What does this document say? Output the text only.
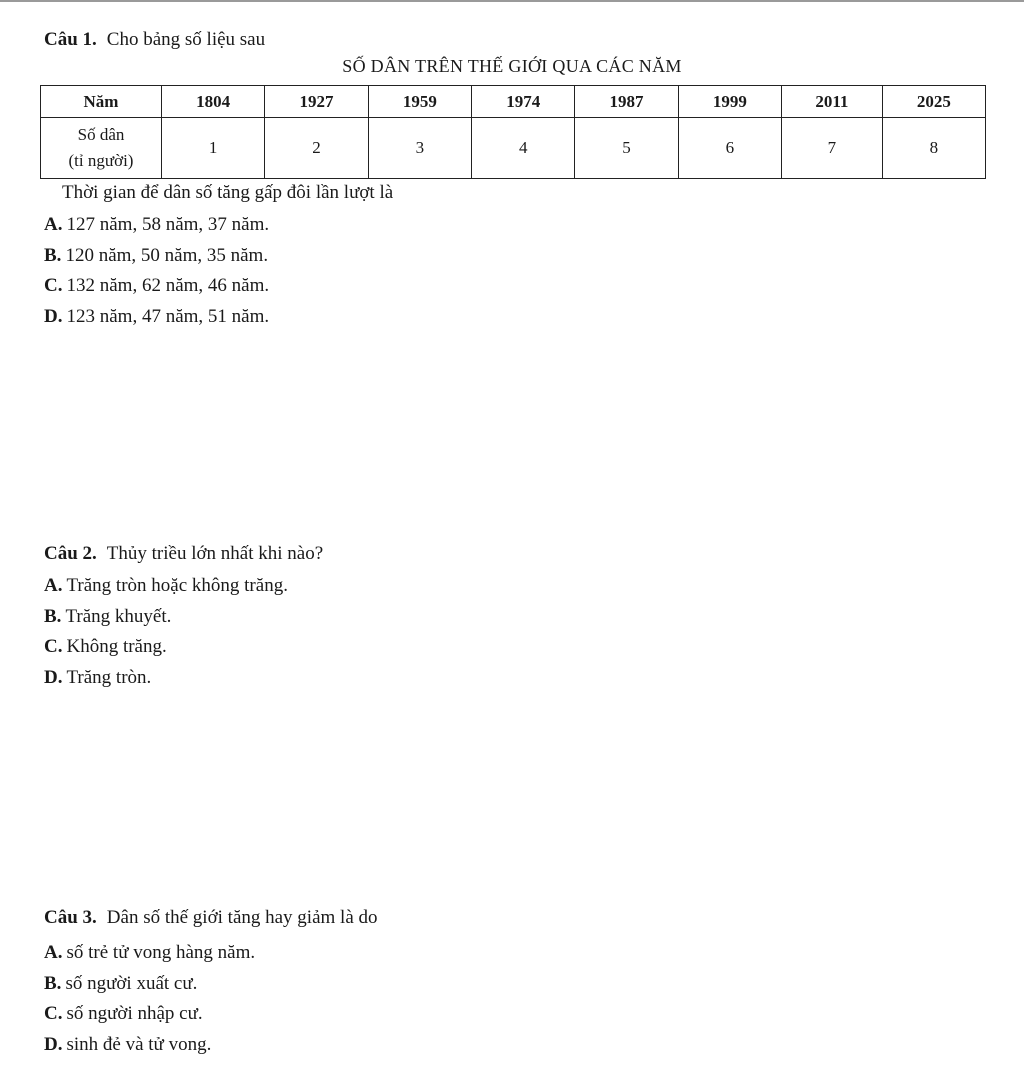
Câu 1. Cho bảng số liệu sau
SỐ DÂN TRÊN THẾ GIỚI QUA CÁC NĂM
Năm	1804	1927	1959	1974	1987	1999	2011	2025

Số dân
(tỉ người)	1	2	3	4	5	6	7	8
Thời gian để dân số tăng gấp đôi lần lượt là
A. 127 năm, 58 năm, 37 năm.
B. 120 năm, 50 năm, 35 năm.
C. 132 năm, 62 năm, 46 năm.
D. 123 năm, 47 năm, 51 năm.
Câu 2. Thủy triều lớn nhất khi nào?
A. Trăng tròn hoặc không trăng.
B. Trăng khuyết.
C. Không trăng.
D. Trăng tròn.
Câu 3. Dân số thế giới tăng hay giảm là do
A. số trẻ tử vong hàng năm.
B. số người xuất cư.
C. số người nhập cư.
D. sinh đẻ và tử vong.
